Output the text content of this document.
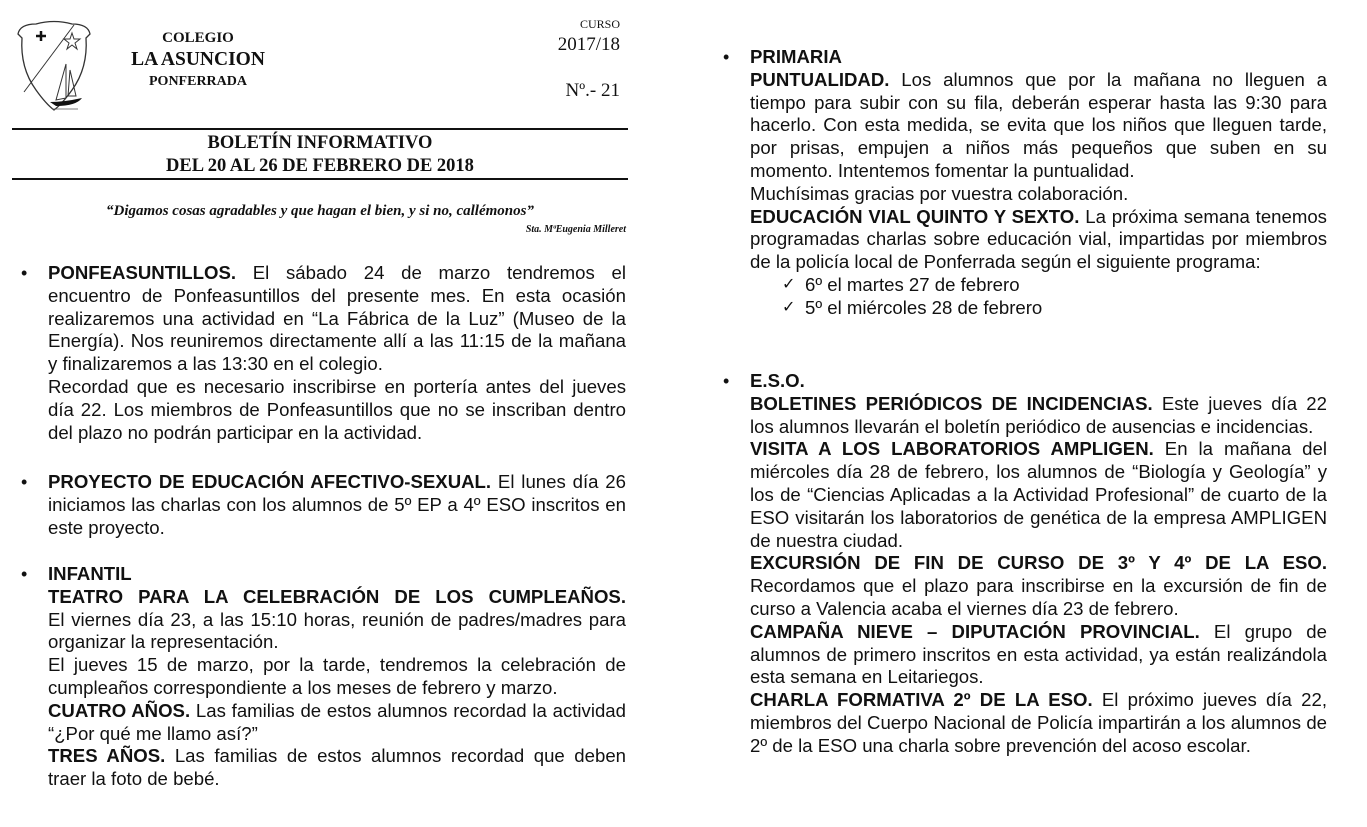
COLEGIO
LA ASUNCION
PONFERRADA
CURSO
2017/18
Nº.- 21
BOLETÍN INFORMATIVO
DEL 20 AL 26 DE FEBRERO DE 2018
“Digamos cosas agradables y que hagan el bien, y si no, callémonos”
Sta. MªEugenia Milleret
• PONFEASUNTILLOS. El sábado 24 de marzo tendremos el encuentro de Ponfeasuntillos del presente mes. En esta ocasión realizaremos una actividad en “La Fábrica de la Luz” (Museo de la Energía). Nos reuniremos directamente allí a las 11:15 de la mañana y finalizaremos a las 13:30 en el colegio.

Recordad que es necesario inscribirse en portería antes del jueves día 22. Los miembros de Ponfeasuntillos que no se inscriban dentro del plazo no podrán participar en la actividad.

• PROYECTO DE EDUCACIÓN AFECTIVO-SEXUAL. El lunes día 26 iniciamos las charlas con los alumnos de 5º EP a 4º ESO inscritos en este proyecto.

• INFANTIL

TEATRO PARA LA CELEBRACIÓN DE LOS CUMPLEAÑOS.

El viernes día 23, a las 15:10 horas, reunión de padres/madres para organizar la representación.

El jueves 15 de marzo, por la tarde, tendremos la celebración de cumpleaños correspondiente a los meses de febrero y marzo.

CUATRO AÑOS. Las familias de estos alumnos recordad la actividad “¿Por qué me llamo así?”

TRES AÑOS. Las familias de estos alumnos recordad que deben traer la foto de bebé.

• PRIMARIA

PUNTUALIDAD. Los alumnos que por la mañana no lleguen a tiempo para subir con su fila, deberán esperar hasta las 9:30 para hacerlo. Con esta medida, se evita que los niños que lleguen tarde, por prisas, empujen a niños más pequeños que suben en su momento. Intentemos fomentar la puntualidad.

Muchísimas gracias por vuestra colaboración.

EDUCACIÓN VIAL QUINTO Y SEXTO. La próxima semana tenemos programadas charlas sobre educación vial, impartidas por miembros de la policía local de Ponferrada según el siguiente programa:

✓ 6º el martes 27 de febrero
✓ 5º el miércoles 28 de febrero
• E.S.O.

BOLETINES PERIÓDICOS DE INCIDENCIAS. Este jueves día 22 los alumnos llevarán el boletín periódico de ausencias e incidencias.

VISITA A LOS LABORATORIOS AMPLIGEN. En la mañana del miércoles día 28 de febrero, los alumnos de “Biología y Geología” y los de “Ciencias Aplicadas a la Actividad Profesional” de cuarto de la ESO visitarán los laboratorios de genética de la empresa AMPLIGEN de nuestra ciudad.

EXCURSIÓN DE FIN DE CURSO DE 3º Y 4º DE LA ESO.

Recordamos que el plazo para inscribirse en la excursión de fin de curso a Valencia acaba el viernes día 23 de febrero.

CAMPAÑA NIEVE – DIPUTACIÓN PROVINCIAL. El grupo de alumnos de primero inscritos en esta actividad, ya están realizándola esta semana en Leitariegos.

CHARLA FORMATIVA 2º DE LA ESO. El próximo jueves día 22, miembros del Cuerpo Nacional de Policía impartirán a los alumnos de 2º de la ESO una charla sobre prevención del acoso escolar.
